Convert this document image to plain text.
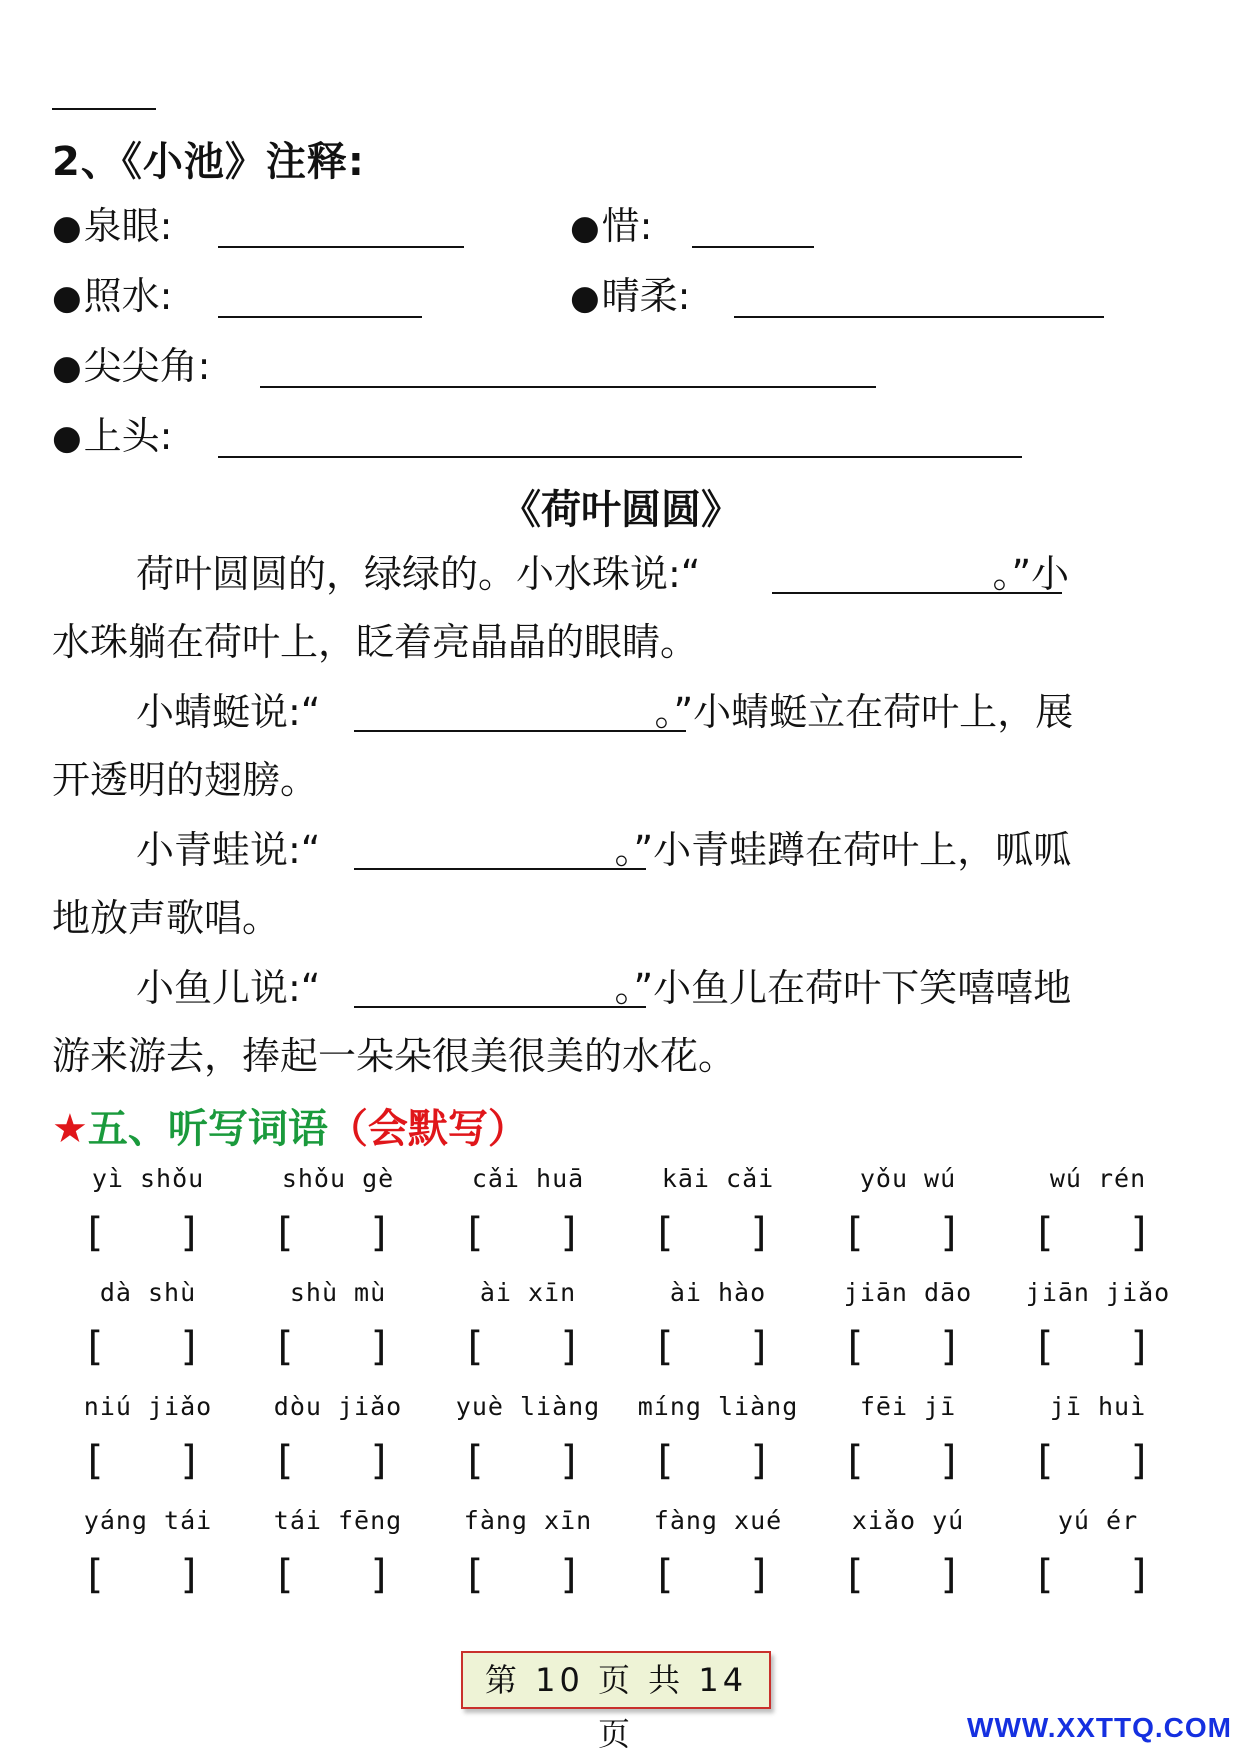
2、《小池》注释:
●泉眼:	●惜:
●照水:	●晴柔:
●尖尖角:
●上头:
《荷叶圆圆》
荷叶圆圆的，绿绿的。小水珠说:“	。”小
水珠躺在荷叶上，眨着亮晶晶的眼睛。
小蜻蜓说:“	。”小蜻蜓立在荷叶上，展
开透明的翅膀。
小青蛙说:“	。”小青蛙蹲在荷叶上，呱呱
地放声歌唱。
小鱼儿说:“	。”小鱼儿在荷叶下笑嘻嘻地
游来游去，捧起一朵朵很美很美的水花。
★五、听写词语（会默写）
yì shǒu
[ ]
shǒu gè
[ ]
cǎi huā
[ ]
kāi cǎi
[ ]
yǒu wú
[ ]
wú rén
[ ]
dà shù
[ ]
shù mù
[ ]
ài xīn
[ ]
ài hào
[ ]
jiān dāo
[ ]
jiān jiǎo
[ ]
niú jiǎo
[ ]
dòu jiǎo
[ ]
yuè liàng
[ ]
míng liàng
[ ]
fēi jī
[ ]
jī huì
[ ]
yáng tái
[ ]
tái fēng
[ ]
fàng xīn
[ ]
fàng xué
[ ]
xiǎo yú
[ ]
yú ér
[ ]
第 10 页 共 14 页	WWW.XXTTQ.COM
